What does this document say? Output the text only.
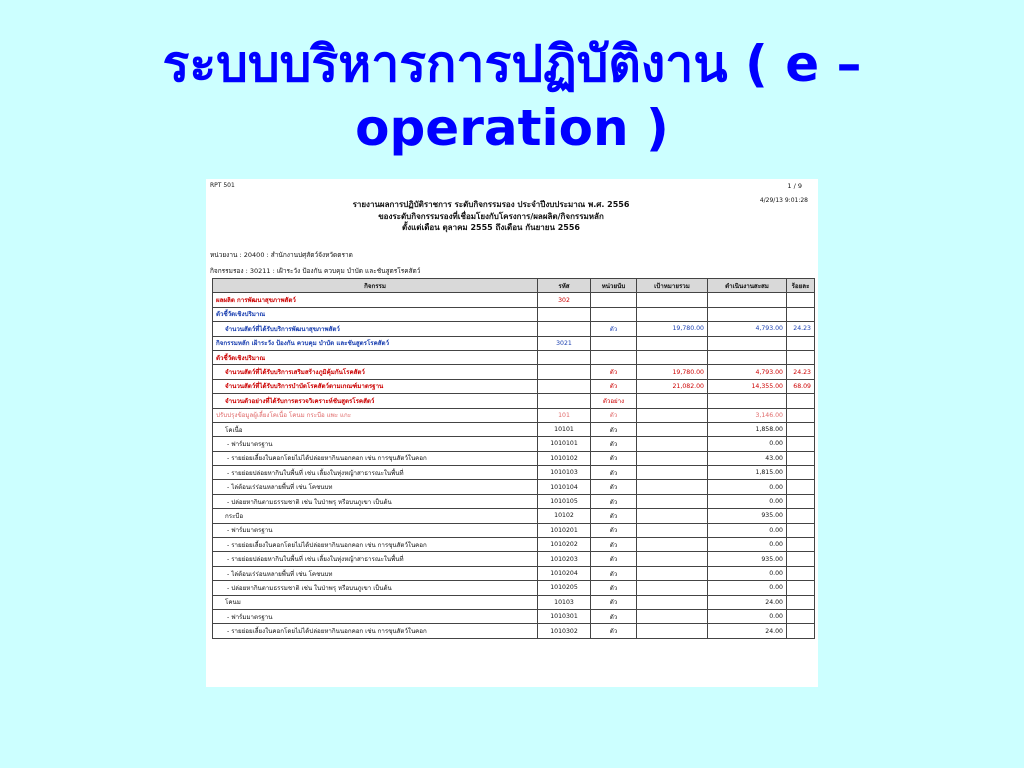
ระบบบริหารการปฏิบัติงาน ( e –
operation )
RPT 501	1 / 9
4/29/13 9:01:28
รายงานผลการปฏิบัติราชการ ระดับกิจกรรมรอง ประจำปีงบประมาณ พ.ศ. 2556
ของระดับกิจกรรมรองที่เชื่อมโยงกับโครงการ/ผลผลิต/กิจกรรมหลัก
ตั้งแต่เดือน ตุลาคม 2555 ถึงเดือน กันยายน 2556
หน่วยงาน : 20400 : สำนักงานปศุสัตว์จังหวัดตราด
กิจกรรมรอง : 30211 : เฝ้าระวัง ป้องกัน ควบคุม บำบัด และชันสูตรโรคสัตว์
กิจกรรม	รหัส	หน่วยนับ	เป้าหมายรวม	ดำเนินงานสะสม	ร้อยละ
ผลผลิต การพัฒนาสุขภาพสัตว์	302				
ตัวชี้วัดเชิงปริมาณ					
จำนวนสัตว์ที่ได้รับบริการพัฒนาสุขภาพสัตว์		ตัว	19,780.00	4,793.00	24.23
กิจกรรมหลัก เฝ้าระวัง ป้องกัน ควบคุม บำบัด และชันสูตรโรคสัตว์	3021				
ตัวชี้วัดเชิงปริมาณ					
จำนวนสัตว์ที่ได้รับบริการเสริมสร้างภูมิคุ้มกันโรคสัตว์		ตัว	19,780.00	4,793.00	24.23
จำนวนสัตว์ที่ได้รับบริการบำบัดโรคสัตว์ตามเกณฑ์มาตรฐาน		ตัว	21,082.00	14,355.00	68.09
จำนวนตัวอย่างที่ได้รับการตรวจวิเคราะห์ชันสูตรโรคสัตว์		ตัวอย่าง			
ปรับปรุงข้อมูลผู้เลี้ยงโคเนื้อ โคนม กระบือ แพะ แกะ	101	ตัว		3,146.00	
โคเนื้อ	10101	ตัว		1,858.00	
- ฟาร์มมาตรฐาน	1010101	ตัว		0.00	
- รายย่อยเลี้ยงในคอกโดยไม่ได้ปล่อยหากินนอกคอก เช่น การขุนสัตว์ในคอก	1010102	ตัว		43.00	
- รายย่อยปล่อยหากินในพื้นที่ เช่น เลี้ยงในทุ่งหญ้าสาธารณะในพื้นที่	1010103	ตัว		1,815.00	
- ไล่ต้อนเร่ร่อนหลายพื้นที่ เช่น โคชนบท	1010104	ตัว		0.00	
- ปล่อยหากินตามธรรมชาติ เช่น ในป่าพรุ หรือบนภูเขา เป็นต้น	1010105	ตัว		0.00	
กระบือ	10102	ตัว		935.00	
- ฟาร์มมาตรฐาน	1010201	ตัว		0.00	
- รายย่อยเลี้ยงในคอกโดยไม่ได้ปล่อยหากินนอกคอก เช่น การขุนสัตว์ในคอก	1010202	ตัว		0.00	
- รายย่อยปล่อยหากินในพื้นที่ เช่น เลี้ยงในทุ่งหญ้าสาธารณะในพื้นที่	1010203	ตัว		935.00	
- ไล่ต้อนเร่ร่อนหลายพื้นที่ เช่น โคชนบท	1010204	ตัว		0.00	
- ปล่อยหากินตามธรรมชาติ เช่น ในป่าพรุ หรือบนภูเขา เป็นต้น	1010205	ตัว		0.00	
โคนม	10103	ตัว		24.00	
- ฟาร์มมาตรฐาน	1010301	ตัว		0.00	
- รายย่อยเลี้ยงในคอกโดยไม่ได้ปล่อยหากินนอกคอก เช่น การขุนสัตว์ในคอก	1010302	ตัว		24.00	
